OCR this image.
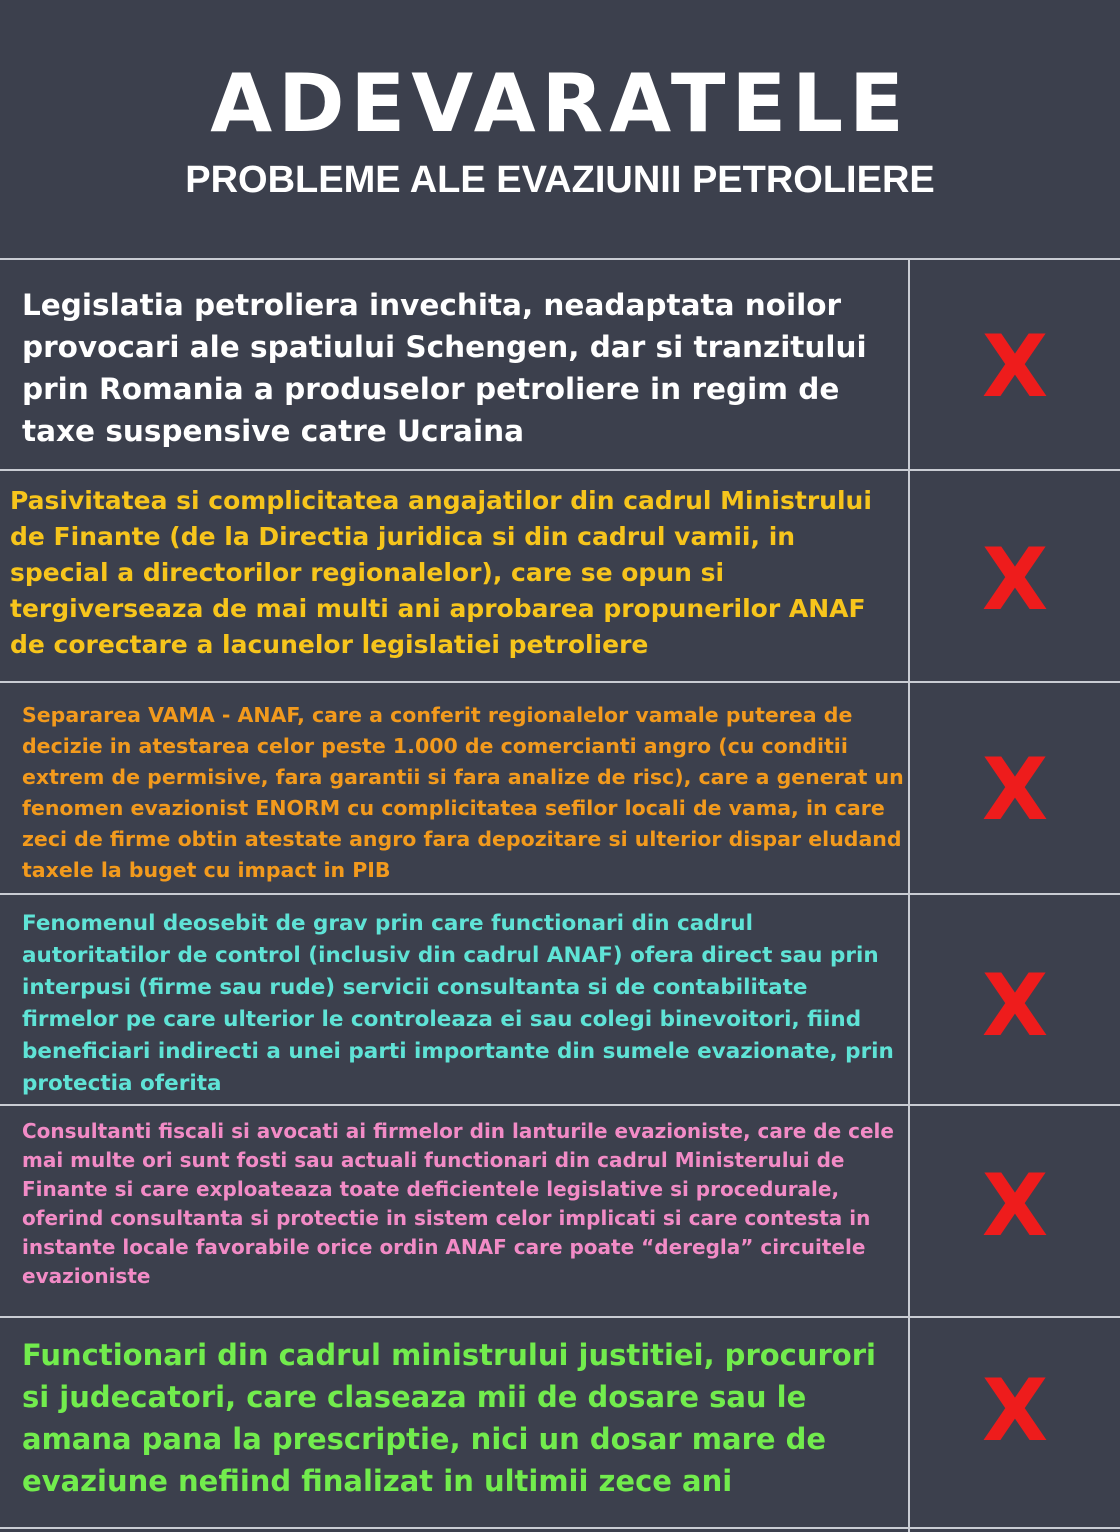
ADEVARATELE
PROBLEME ALE EVAZIUNII PETROLIERE

Legislatia petroliera invechita, neadaptata noilor provocari ale spatiului Schengen, dar si tranzitului prin Romania a produselor petroliere in regim de taxe suspensive catre Ucraina

X

Pasivitatea si complicitatea angajatilor din cadrul Ministrului de Finante (de la Directia juridica si din cadrul vamii, in special a directorilor regionalelor), care se opun si tergiverseaza de mai multi ani aprobarea propunerilor ANAF de corectare a lacunelor legislatiei petroliere

X

Separarea VAMA - ANAF, care a conferit regionalelor vamale puterea de decizie in atestarea celor peste 1.000 de comercianti angro (cu conditii extrem de permisive, fara garantii si fara analize de risc), care a generat un fenomen evazionist ENORM cu complicitatea sefilor locali de vama, in care zeci de firme obtin atestate angro fara depozitare si ulterior dispar eludand taxele la buget cu impact in PIB

X

Fenomenul deosebit de grav prin care functionari din cadrul autoritatilor de control (inclusiv din cadrul ANAF) ofera direct sau prin interpusi (firme sau rude) servicii consultanta si de contabilitate firmelor pe care ulterior le controleaza ei sau colegi binevoitori, fiind beneficiari indirecti a unei parti importante din sumele evazionate, prin protectia oferita

X

Consultanti fiscali si avocati ai firmelor din lanturile evazioniste, care de cele mai multe ori sunt fosti sau actuali functionari din cadrul Ministerului de Finante si care exploateaza toate deficientele legislative si procedurale, oferind consultanta si protectie in sistem celor implicati si care contesta in instante locale favorabile orice ordin ANAF care poate “deregla” circuitele evazioniste

X

Functionari din cadrul ministrului justitiei, procurori si judecatori, care claseaza mii de dosare sau le amana pana la prescriptie, nici un dosar mare de evaziune nefiind finalizat in ultimii zece ani

X
